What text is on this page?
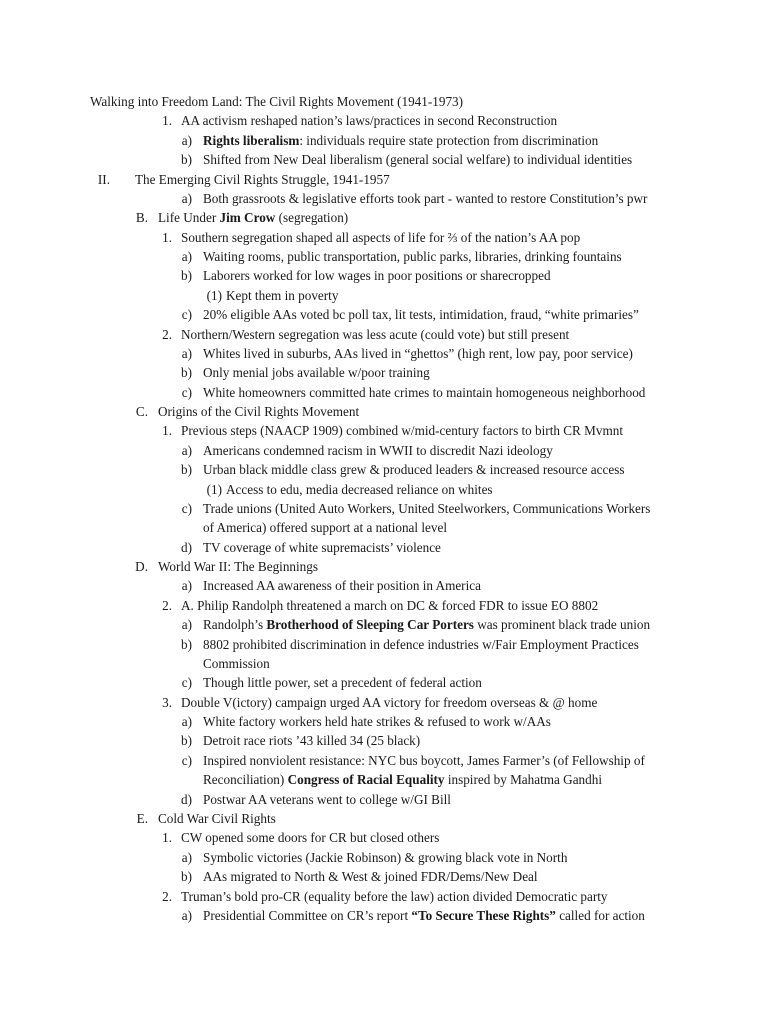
Walking into Freedom Land: The Civil Rights Movement (1941-1973)
1. AA activism reshaped nation’s laws/practices in second Reconstruction
a) Rights liberalism: individuals require state protection from discrimination
b) Shifted from New Deal liberalism (general social welfare) to individual identities
II. The Emerging Civil Rights Struggle, 1941-1957
a) Both grassroots & legislative efforts took part - wanted to restore Constitution’s pwr
B. Life Under Jim Crow (segregation)
1. Southern segregation shaped all aspects of life for ⅔ of the nation’s AA pop
a) Waiting rooms, public transportation, public parks, libraries, drinking fountains
b) Laborers worked for low wages in poor positions or sharecropped
(1) Kept them in poverty
c) 20% eligible AAs voted bc poll tax, lit tests, intimidation, fraud, “white primaries”
2. Northern/Western segregation was less acute (could vote) but still present
a) Whites lived in suburbs, AAs lived in “ghettos” (high rent, low pay, poor service)
b) Only menial jobs available w/poor training
c) White homeowners committed hate crimes to maintain homogeneous neighborhood
C. Origins of the Civil Rights Movement
1. Previous steps (NAACP 1909) combined w/mid-century factors to birth CR Mvmnt
a) Americans condemned racism in WWII to discredit Nazi ideology
b) Urban black middle class grew & produced leaders & increased resource access
(1) Access to edu, media decreased reliance on whites
c) Trade unions (United Auto Workers, United Steelworkers, Communications Workers
of America) offered support at a national level
d) TV coverage of white supremacists’ violence
D. World War II: The Beginnings
a) Increased AA awareness of their position in America
2. A. Philip Randolph threatened a march on DC & forced FDR to issue EO 8802
a) Randolph’s Brotherhood of Sleeping Car Porters was prominent black trade union
b) 8802 prohibited discrimination in defence industries w/Fair Employment Practices
Commission
c) Though little power, set a precedent of federal action
3. Double V(ictory) campaign urged AA victory for freedom overseas & @ home
a) White factory workers held hate strikes & refused to work w/AAs
b) Detroit race riots ’43 killed 34 (25 black)
c) Inspired nonviolent resistance: NYC bus boycott, James Farmer’s (of Fellowship of
Reconciliation) Congress of Racial Equality inspired by Mahatma Gandhi
d) Postwar AA veterans went to college w/GI Bill
E. Cold War Civil Rights
1. CW opened some doors for CR but closed others
a) Symbolic victories (Jackie Robinson) & growing black vote in North
b) AAs migrated to North & West & joined FDR/Dems/New Deal
2. Truman’s bold pro-CR (equality before the law) action divided Democratic party
a) Presidential Committee on CR’s report “To Secure These Rights” called for action
